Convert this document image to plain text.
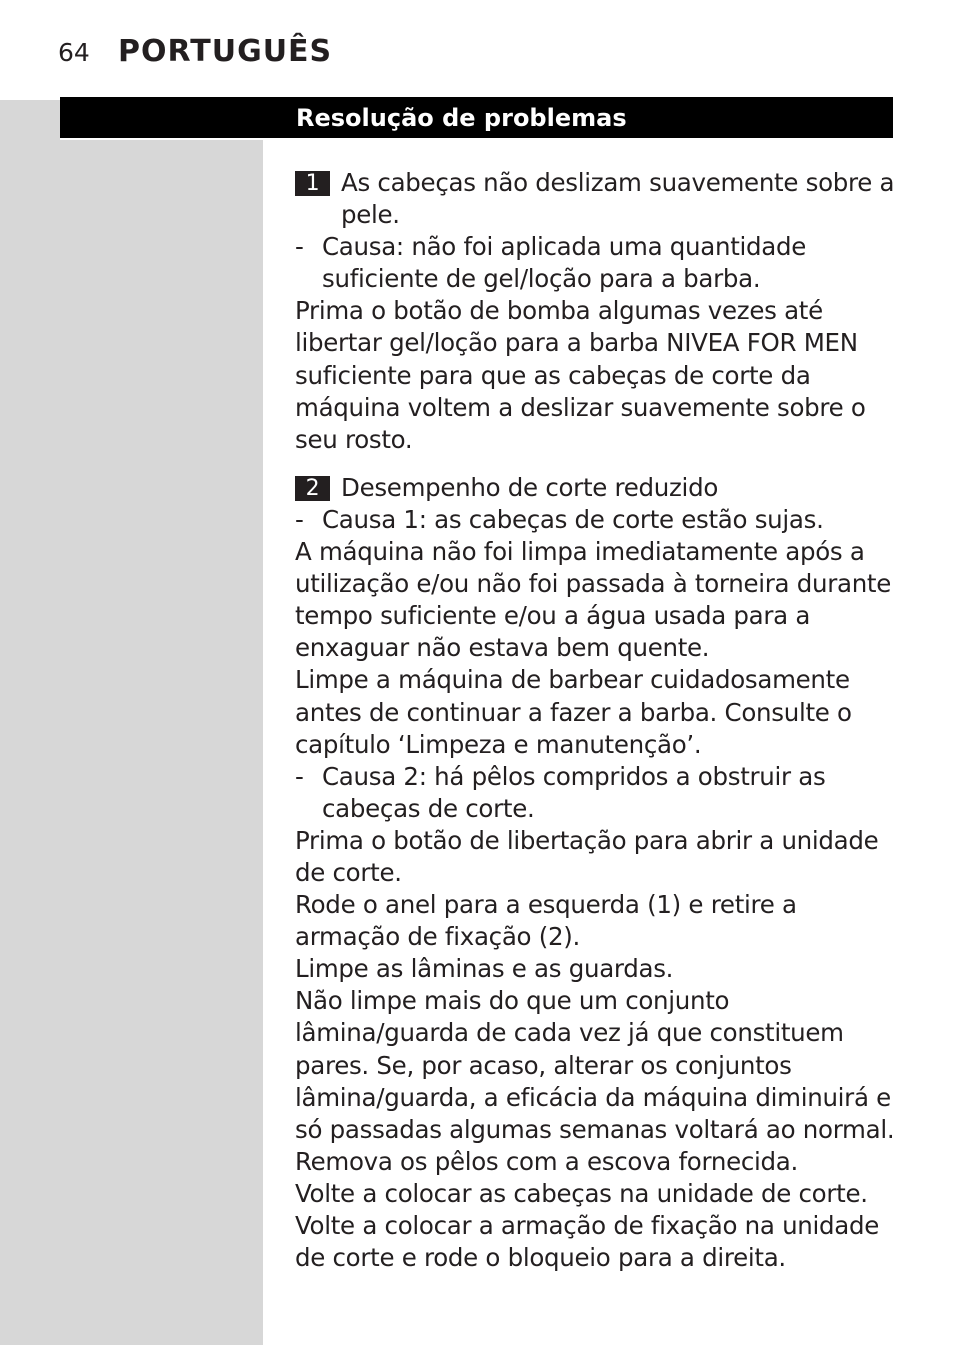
64 PORTUGUÊS
Resolução de problemas
1 As cabeças não deslizam suavemente sobre a pele.
- Causa: não foi aplicada uma quantidade suficiente de gel/loção para a barba.

Prima o botão de bomba algumas vezes até libertar gel/loção para a barba NIVEA FOR MEN suficiente para que as cabeças de corte da máquina voltem a deslizar suavemente sobre o seu rosto.

2 Desempenho de corte reduzido
- Causa 1: as cabeças de corte estão sujas.

A máquina não foi limpa imediatamente após a utilização e/ou não foi passada à torneira durante tempo suficiente e/ou a água usada para a enxaguar não estava bem quente.

Limpe a máquina de barbear cuidadosamente antes de continuar a fazer a barba. Consulte o capítulo ‘Limpeza e manutenção’.

- Causa 2: há pêlos compridos a obstruir as cabeças de corte.

Prima o botão de libertação para abrir a unidade de corte.

Rode o anel para a esquerda (1) e retire a armação de fixação (2).

Limpe as lâminas e as guardas.

Não limpe mais do que um conjunto lâmina/guarda de cada vez já que constituem pares. Se, por acaso, alterar os conjuntos lâmina/guarda, a eficácia da máquina diminuirá e só passadas algumas semanas voltará ao normal.

Remova os pêlos com a escova fornecida.

Volte a colocar as cabeças na unidade de corte.

Volte a colocar a armação de fixação na unidade de corte e rode o bloqueio para a direita.
